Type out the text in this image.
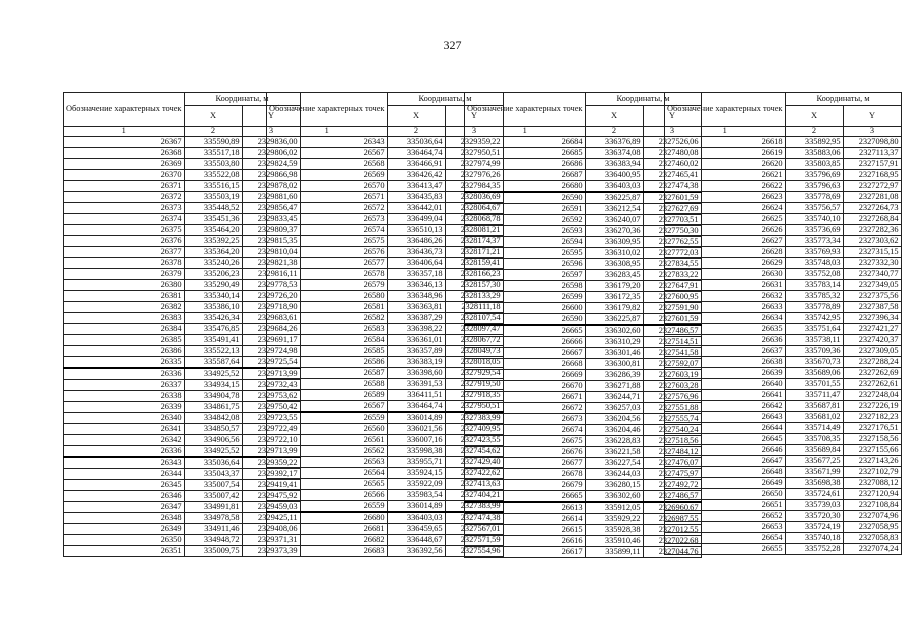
327
Обозначение характерных точек	Координаты, м	
	X	Y
1	2	3
26367	335590,89	2329836,00
26368	335517,18	2329806,02
26369	335503,80	2329824,59
26370	335522,08	2329866,98
26371	335516,15	2329878,02
26372	335503,19	2329881,60
26373	335448,52	2329856,47
26374	335451,36	2329833,45
26375	335464,20	2329809,37
26376	335392,25	2329815,35
26377	335364,20	2329810,04
26378	335240,26	2329821,38
26379	335206,23	2329816,11
26380	335290,49	2329778,53
26381	335340,14	2329726,20
26382	335386,10	2329718,90
26383	335426,34	2329683,61
26384	335476,85	2329684,26
26385	335491,41	2329691,17
26386	335522,13	2329724,98
26335	335587,64	2329725,54
26336	334925,52	2329713,99
26337	334934,15	2329732,43
26338	334904,78	2329753,62
26339	334861,75	2329750,42
26340	334842,08	2329723,55
26341	334850,57	2329722,49
26342	334906,56	2329722,10
26336	334925,52	2329713,99
26343	335036,64	2329359,22
26344	335043,37	2329392,17
26345	335007,54	2329419,41
26346	335007,42	2329475,92
26347	334991,81	2329459,03
26348	334978,58	2329425,11
26349	334911,46	2329408,06
26350	334948,72	2329371,31
26351	335009,75	2329373,39
Обозначение характерных точек	Координаты, м	
	X	Y
1	2	3
26343	335036,64	2329359,22
26567	336464,74	2327950,51
26568	336466,91	2327974,99
26569	336426,42	2327976,26
26570	336413,47	2327984,35
26571	336435,83	2328036,69
26572	336442,01	2328064,67
26573	336499,04	2328068,78
26574	336510,13	2328081,21
26575	336486,26	2328174,37
26576	336436,73	2328171,21
26577	336406,64	2328159,41
26578	336357,18	2328166,23
26579	336346,13	2328157,30
26580	336348,96	2328133,29
26581	336363,81	2328111,18
26582	336387,29	2328107,54
26583	336398,22	2328097,47
26584	336361,01	2328067,72
26585	336357,89	2328049,73
26586	336383,19	2328018,05
26587	336398,60	2327929,54
26588	336391,53	2327919,50
26589	336411,51	2327918,35
26567	336464,74	2327950,51
26559	336014,89	2327383,99
26560	336021,56	2327409,95
26561	336007,16	2327423,55
26562	335998,38	2327454,62
26563	335955,71	2327429,40
26564	335924,15	2327422,62
26565	335922,09	2327413,63
26566	335983,54	2327404,21
26559	336014,89	2327383,99
26680	336403,03	2327474,38
26681	336459,65	2327567,01
26682	336448,67	2327571,59
26683	336392,56	2327554,96
Обозначение характерных точек	Координаты, м	
	X	Y
1	2	3
26684	336376,89	2327526,06
26685	336374,08	2327480,08
26686	336383,94	2327460,02
26687	336400,95	2327465,41
26680	336403,03	2327474,38
26590	336225,87	2327601,59
26591	336212,54	2327627,69
26592	336240,07	2327703,51
26593	336270,36	2327750,30
26594	336309,95	2327762,55
26595	336310,02	2327772,03
26596	336308,95	2327834,55
26597	336283,45	2327833,22
26598	336179,20	2327647,91
26599	336172,35	2327600,95
26600	336179,82	2327591,90
26590	336225,87	2327601,59
26665	336302,60	2327486,57
26666	336310,29	2327514,51
26667	336301,46	2327541,58
26668	336300,81	2327592,07
26669	336286,39	2327603,19
26670	336271,88	2327603,28
26671	336244,71	2327576,96
26672	336257,03	2327551,88
26673	336204,56	2327555,74
26674	336204,46	2327540,24
26675	336228,83	2327518,56
26676	336221,58	2327484,12
26677	336227,54	2327476,07
26678	336244,03	2327475,97
26679	336280,15	2327492,72
26665	336302,60	2327486,57
26613	335912,05	2326960,67
26614	335929,22	2326987,55
26615	335928,38	2327012,55
26616	335910,46	2327022,68
26617	335899,11	2327044,76
Обозначение характерных точек	Координаты, м	
	X	Y
1	2	3
26618	335892,95	2327098,80
26619	335883,06	2327113,37
26620	335803,85	2327157,91
26621	335796,69	2327168,95
26622	335796,63	2327272,97
26623	335778,69	2327281,08
26624	335756,57	2327264,73
26625	335740,10	2327268,84
26626	335736,69	2327282,36
26627	335773,34	2327303,62
26628	335769,93	2327315,15
26629	335748,03	2327332,30
26630	335752,08	2327340,77
26631	335783,14	2327349,05
26632	335785,32	2327375,56
26633	335778,89	2327387,58
26634	335742,95	2327396,34
26635	335751,64	2327421,27
26636	335738,11	2327420,37
26637	335709,36	2327309,05
26638	335670,73	2327288,24
26639	335689,06	2327262,69
26640	335701,55	2327262,61
26641	335711,47	2327248,04
26642	335687,81	2327226,19
26643	335681,02	2327182,23
26644	335714,49	2327176,51
26645	335708,35	2327158,56
26646	335689,84	2327155,66
26647	335677,25	2327143,26
26648	335671,99	2327102,79
26649	335698,38	2327088,12
26650	335724,61	2327120,94
26651	335739,03	2327108,84
26652	335720,30	2327074,96
26653	335724,19	2327058,95
26654	335740,18	2327058,83
26655	335752,28	2327074,24
